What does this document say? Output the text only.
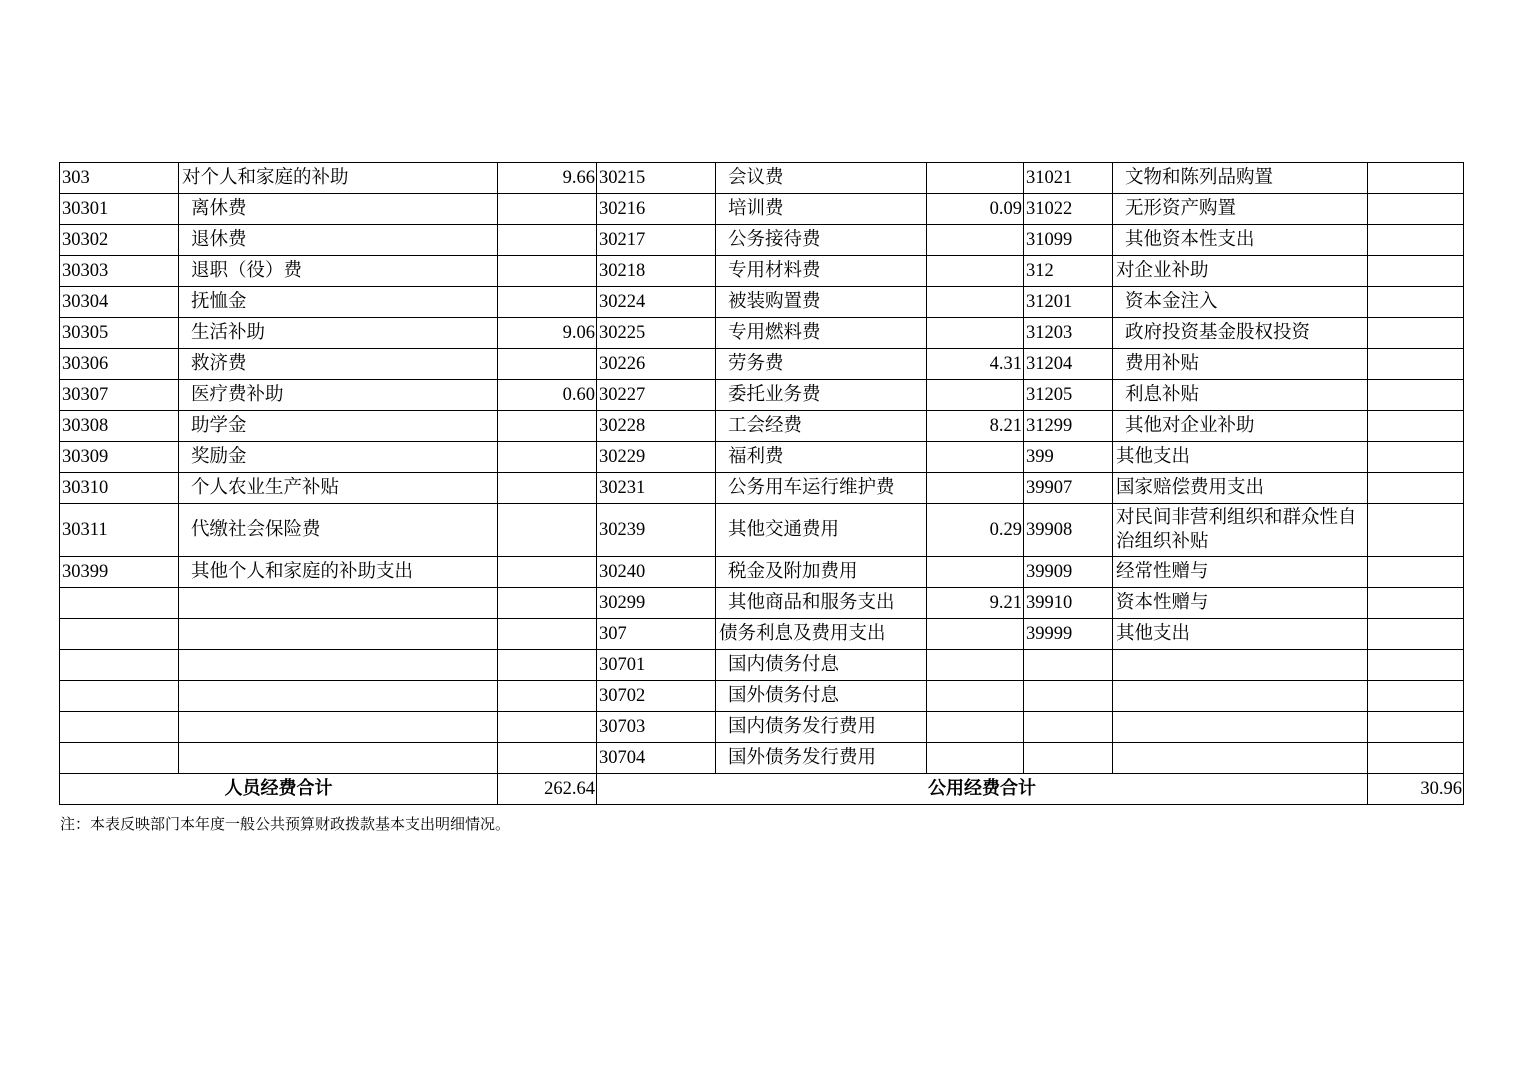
303	对个人和家庭的补助	9.66	30215	会议费		31021	文物和陈列品购置	
30301	离休费		30216	培训费	0.09	31022	无形资产购置	
30302	退休费		30217	公务接待费		31099	其他资本性支出	
30303	退职（役）费		30218	专用材料费		312	对企业补助	
30304	抚恤金		30224	被装购置费		31201	资本金注入	
30305	生活补助	9.06	30225	专用燃料费		31203	政府投资基金股权投资	
30306	救济费		30226	劳务费	4.31	31204	费用补贴	
30307	医疗费补助	0.60	30227	委托业务费		31205	利息补贴	
30308	助学金		30228	工会经费	8.21	31299	其他对企业补助	
30309	奖励金		30229	福利费		399	其他支出	
30310	个人农业生产补贴		30231	公务用车运行维护费		39907	国家赔偿费用支出	
30311	代缴社会保险费		30239	其他交通费用	0.29	39908	对民间非营利组织和群众性自治组织补贴	
30399	其他个人和家庭的补助支出		30240	税金及附加费用		39909	经常性赠与	
			30299	其他商品和服务支出	9.21	39910	资本性赠与	
			307	债务利息及费用支出		39999	其他支出	
			30701	国内债务付息				
			30702	国外债务付息				
			30703	国内债务发行费用				
			30704	国外债务发行费用				
人员经费合计		262.64	公用经费合计					30.96
注：本表反映部门本年度一般公共预算财政拨款基本支出明细情况。
